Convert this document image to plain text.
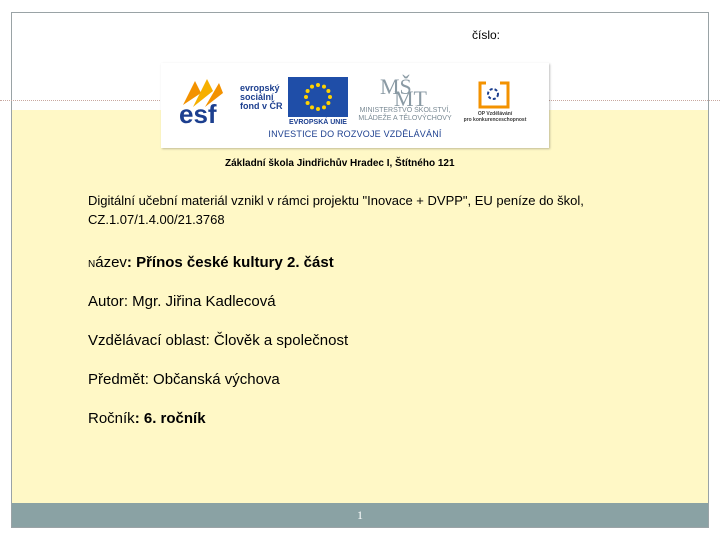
číslo:
esf
evropský
sociální
fond v ČR
EVROPSKÁ UNIE
MŠ
MT
MINISTERSTVO ŠKOLSTVÍ,
MLÁDEŽE A TĚLOVÝCHOVY
OP Vzdělávání
pro konkurenceschopnost
INVESTICE DO ROZVOJE VZDĚLÁVÁNÍ
Základní škola Jindřichův Hradec I, Štítného 121
Digitální učební materiál vznikl v rámci projektu "Inovace + DVPP", EU peníze do škol, CZ.1.07/1.4.00/21.3768
Název: Přínos české kultury 2. část
Autor: Mgr. Jiřina Kadlecová
Vzdělávací oblast: Člověk a společnost
Předmět: Občanská výchova
Ročník: 6. ročník
1
